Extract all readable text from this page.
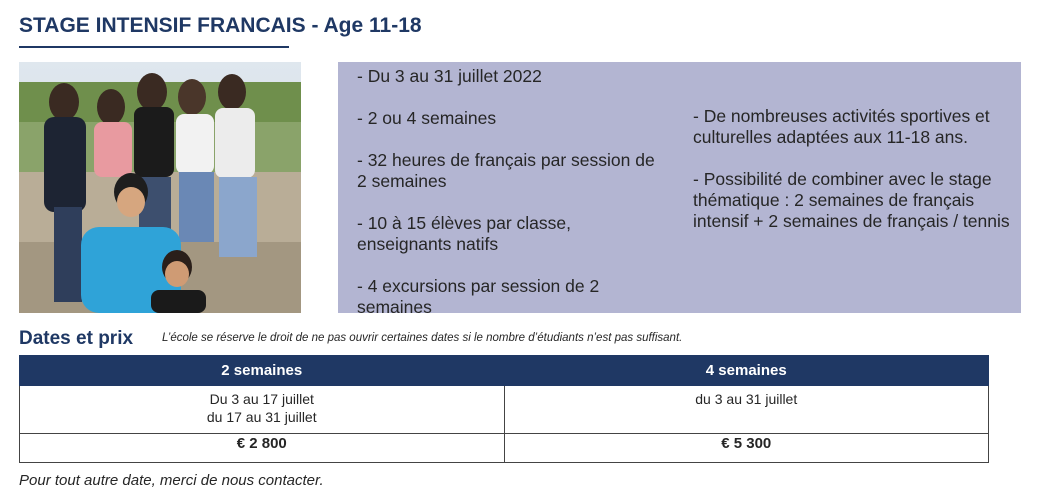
STAGE INTENSIF FRANCAIS - Age 11-18
- Du 3 au 31 juillet 2022
- 2 ou 4 semaines
- 32 heures de français par session de 2 semaines
- 10 à 15 élèves par classe, enseignants natifs
- 4 excursions par session de 2 semaines
- De nombreuses activités sportives et culturelles adaptées aux 11-18 ans.
- Possibilité de combiner avec le stage thématique : 2 semaines de français intensif + 2 semaines de français / tennis
Dates et prix	L’école se réserve le droit de ne pas ouvrir certaines dates si le nombre d’étudiants n’est pas suffisant.
2 semaines	4 semaines

Du 3 au 17 juillet
du 17 au 31 juillet	du 3 au 31 juillet

€ 2 800	€ 5 300
Pour tout autre date, merci de nous contacter.
